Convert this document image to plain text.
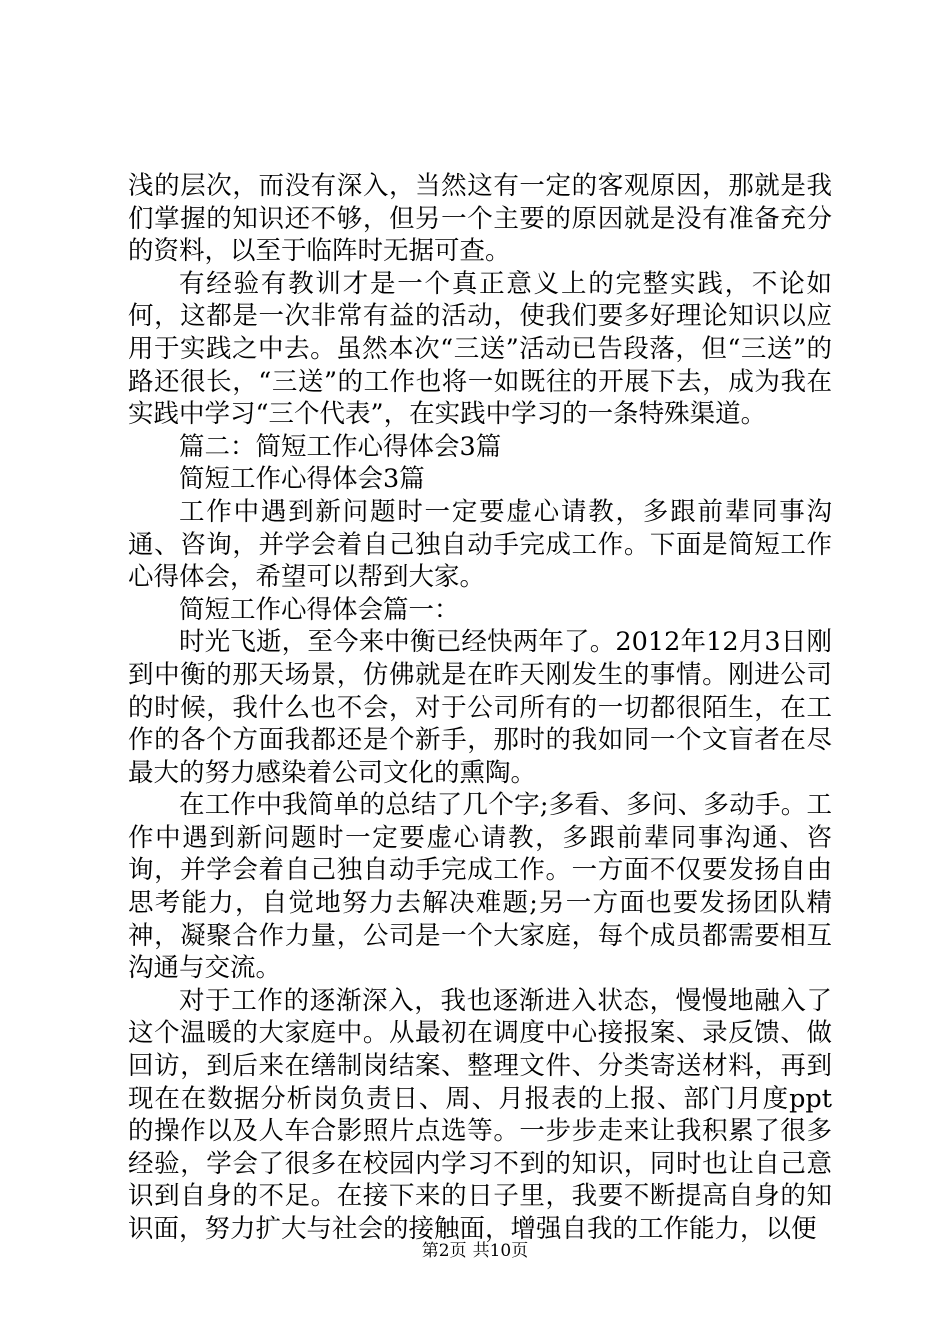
浅的层次，而没有深入，当然这有一定的客观原因，那就是我们掌握的知识还不够，但另一个主要的原因就是没有准备充分的资料，以至于临阵时无据可查。

有经验有教训才是一个真正意义上的完整实践，不论如何，这都是一次非常有益的活动，使我们要多好理论知识以应用于实践之中去。虽然本次“三送”活动已告段落，但“三送”的路还很长，“三送”的工作也将一如既往的开展下去，成为我在实践中学习“三个代表”，在实践中学习的一条特殊渠道。

篇二：简短工作心得体会3篇

简短工作心得体会3篇

工作中遇到新问题时一定要虚心请教，多跟前辈同事沟通、咨询，并学会着自己独自动手完成工作。下面是简短工作心得体会，希望可以帮到大家。

简短工作心得体会篇一：

时光飞逝，至今来中衡已经快两年了。2012年12月3日刚到中衡的那天场景，仿佛就是在昨天刚发生的事情。刚进公司的时候，我什么也不会，对于公司所有的一切都很陌生，在工作的各个方面我都还是个新手，那时的我如同一个文盲者在尽最大的努力感染着公司文化的熏陶。

在工作中我简单的总结了几个字;多看、多问、多动手。工作中遇到新问题时一定要虚心请教，多跟前辈同事沟通、咨询，并学会着自己独自动手完成工作。一方面不仅要发扬自由思考能力，自觉地努力去解决难题;另一方面也要发扬团队精神，凝聚合作力量，公司是一个大家庭，每个成员都需要相互沟通与交流。

对于工作的逐渐深入，我也逐渐进入状态，慢慢地融入了这个温暖的大家庭中。从最初在调度中心接报案、录反馈、做回访，到后来在缮制岗结案、整理文件、分类寄送材料，再到现在在数据分析岗负责日、周、月报表的上报、部门月度ppt的操作以及人车合影照片点选等。一步步走来让我积累了很多经验，学会了很多在校园内学习不到的知识，同时也让自己意识到自身的不足。在接下来的日子里，我要不断提高自身的知识面，努力扩大与社会的接触面，增强自我的工作能力，以便

第2页 共10页
